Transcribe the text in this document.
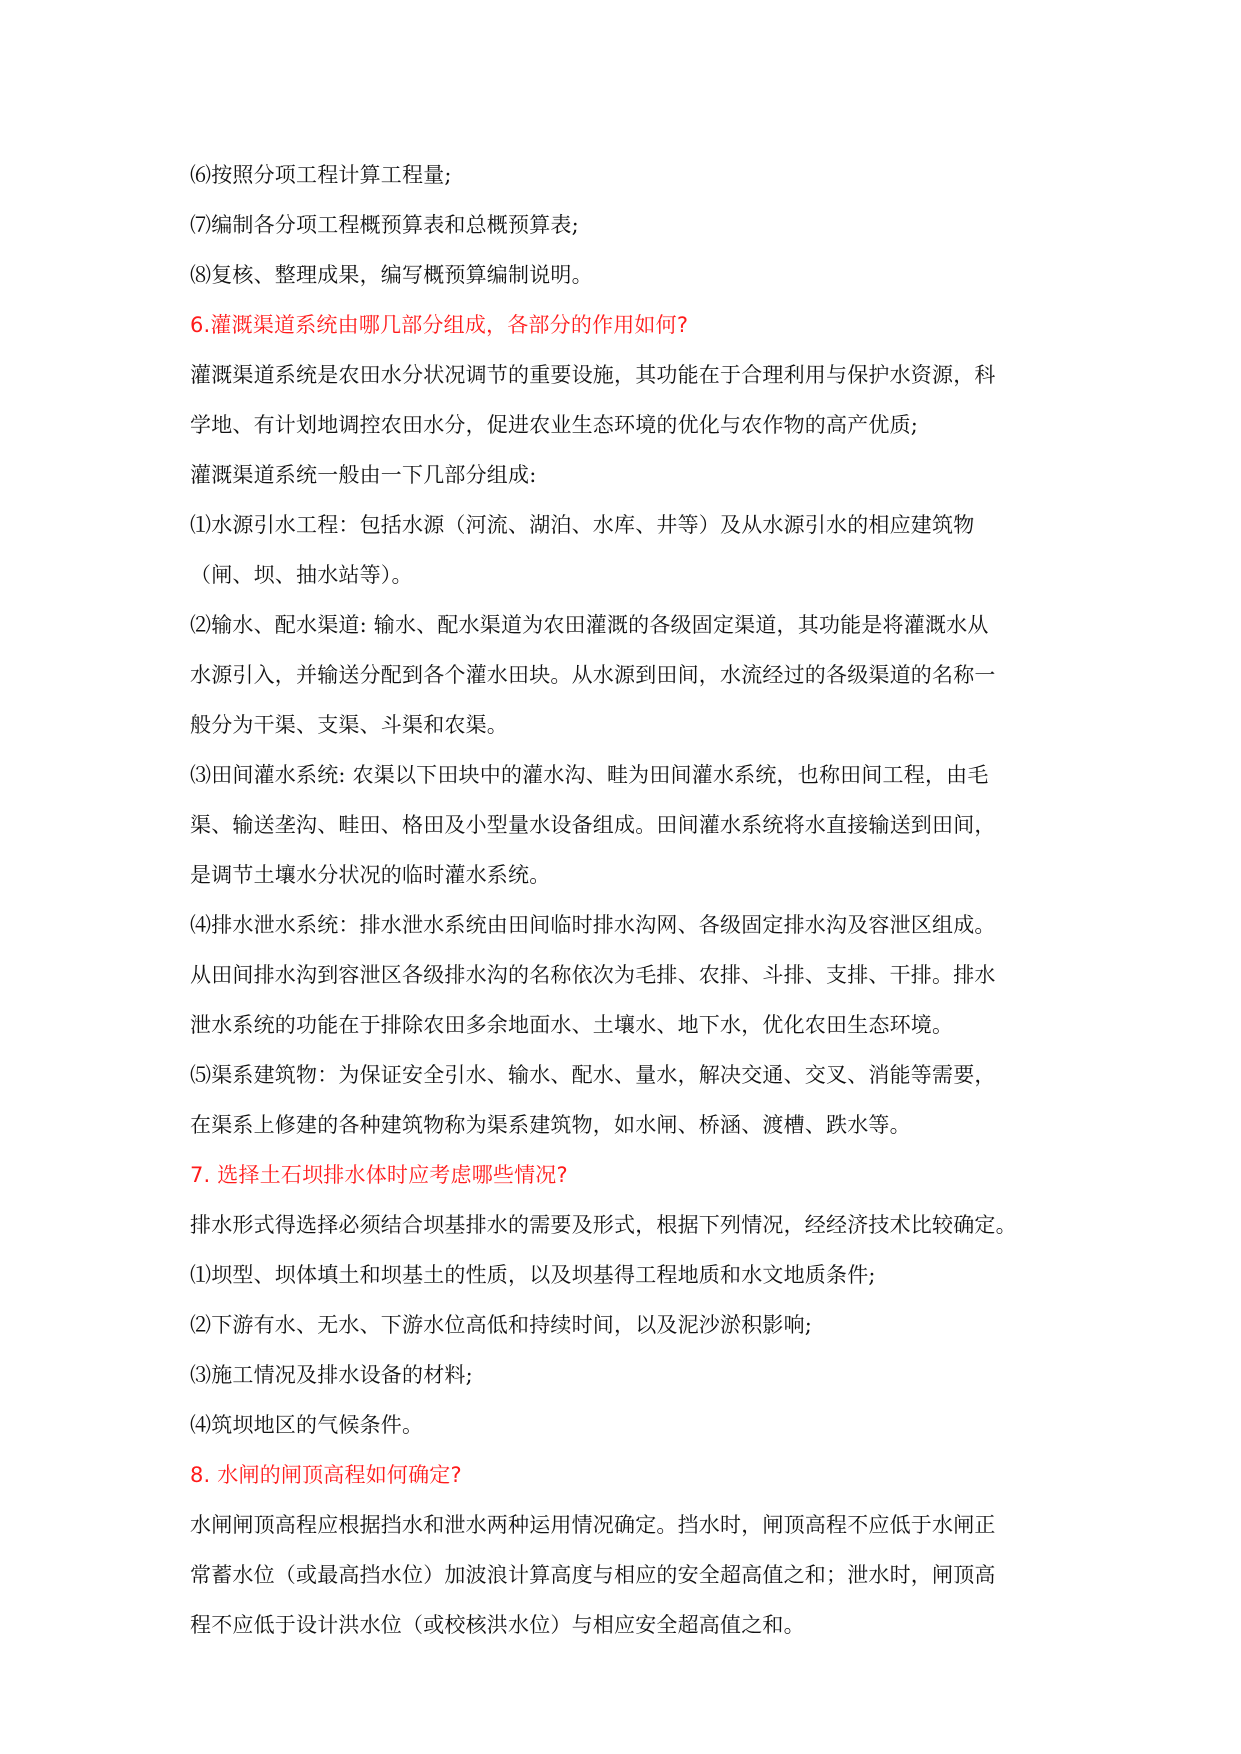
⑹按照分项工程计算工程量;

⑺编制各分项工程概预算表和总概预算表;

⑻复核、整理成果，编写概预算编制说明。

6.灌溉渠道系统由哪几部分组成，各部分的作用如何?

灌溉渠道系统是农田水分状况调节的重要设施，其功能在于合理利用与保护水资源，科

学地、有计划地调控农田水分，促进农业生态环境的优化与农作物的高产优质;

灌溉渠道系统一般由一下几部分组成:

⑴水源引水工程：包括水源（河流、湖泊、水库、井等）及从水源引水的相应建筑物

（闸、坝、抽水站等）。

⑵输水、配水渠道: 输水、配水渠道为农田灌溉的各级固定渠道，其功能是将灌溉水从

水源引入，并输送分配到各个灌水田块。从水源到田间，水流经过的各级渠道的名称一

般分为干渠、支渠、斗渠和农渠。

⑶田间灌水系统: 农渠以下田块中的灌水沟、畦为田间灌水系统，也称田间工程，由毛

渠、输送垄沟、畦田、格田及小型量水设备组成。田间灌水系统将水直接输送到田间，

是调节土壤水分状况的临时灌水系统。

⑷排水泄水系统：排水泄水系统由田间临时排水沟网、各级固定排水沟及容泄区组成。

从田间排水沟到容泄区各级排水沟的名称依次为毛排、农排、斗排、支排、干排。排水

泄水系统的功能在于排除农田多余地面水、土壤水、地下水，优化农田生态环境。

⑸渠系建筑物：为保证安全引水、输水、配水、量水，解决交通、交叉、消能等需要，

在渠系上修建的各种建筑物称为渠系建筑物，如水闸、桥涵、渡槽、跌水等。

7. 选择土石坝排水体时应考虑哪些情况?

排水形式得选择必须结合坝基排水的需要及形式，根据下列情况，经经济技术比较确定。

⑴坝型、坝体填土和坝基土的性质，以及坝基得工程地质和水文地质条件;

⑵下游有水、无水、下游水位高低和持续时间，以及泥沙淤积影响;

⑶施工情况及排水设备的材料;

⑷筑坝地区的气候条件。

8. 水闸的闸顶高程如何确定?

水闸闸顶高程应根据挡水和泄水两种运用情况确定。挡水时，闸顶高程不应低于水闸正

常蓄水位（或最高挡水位）加波浪计算高度与相应的安全超高值之和；泄水时，闸顶高

程不应低于设计洪水位（或校核洪水位）与相应安全超高值之和。
